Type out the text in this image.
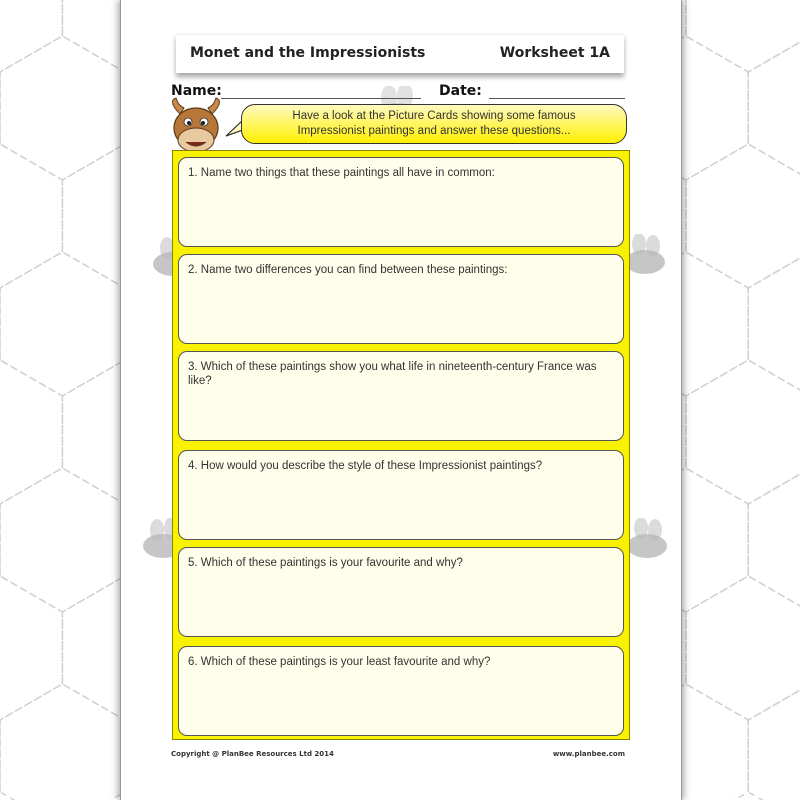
Monet and the Impressionists	Worksheet 1A
Name:	Date:
Have a look at the Picture Cards showing some famous
Impressionist paintings and answer these questions...
1. Name two things that these paintings all have in common:
2. Name two differences you can find between these paintings:
3. Which of these paintings show you what life in nineteenth-century France was like?
4. How would you describe the style of these Impressionist paintings?
5. Which of these paintings is your favourite and why?
6. Which of these paintings is your least favourite and why?
Copyright @ PlanBee Resources Ltd 2014	www.planbee.com
